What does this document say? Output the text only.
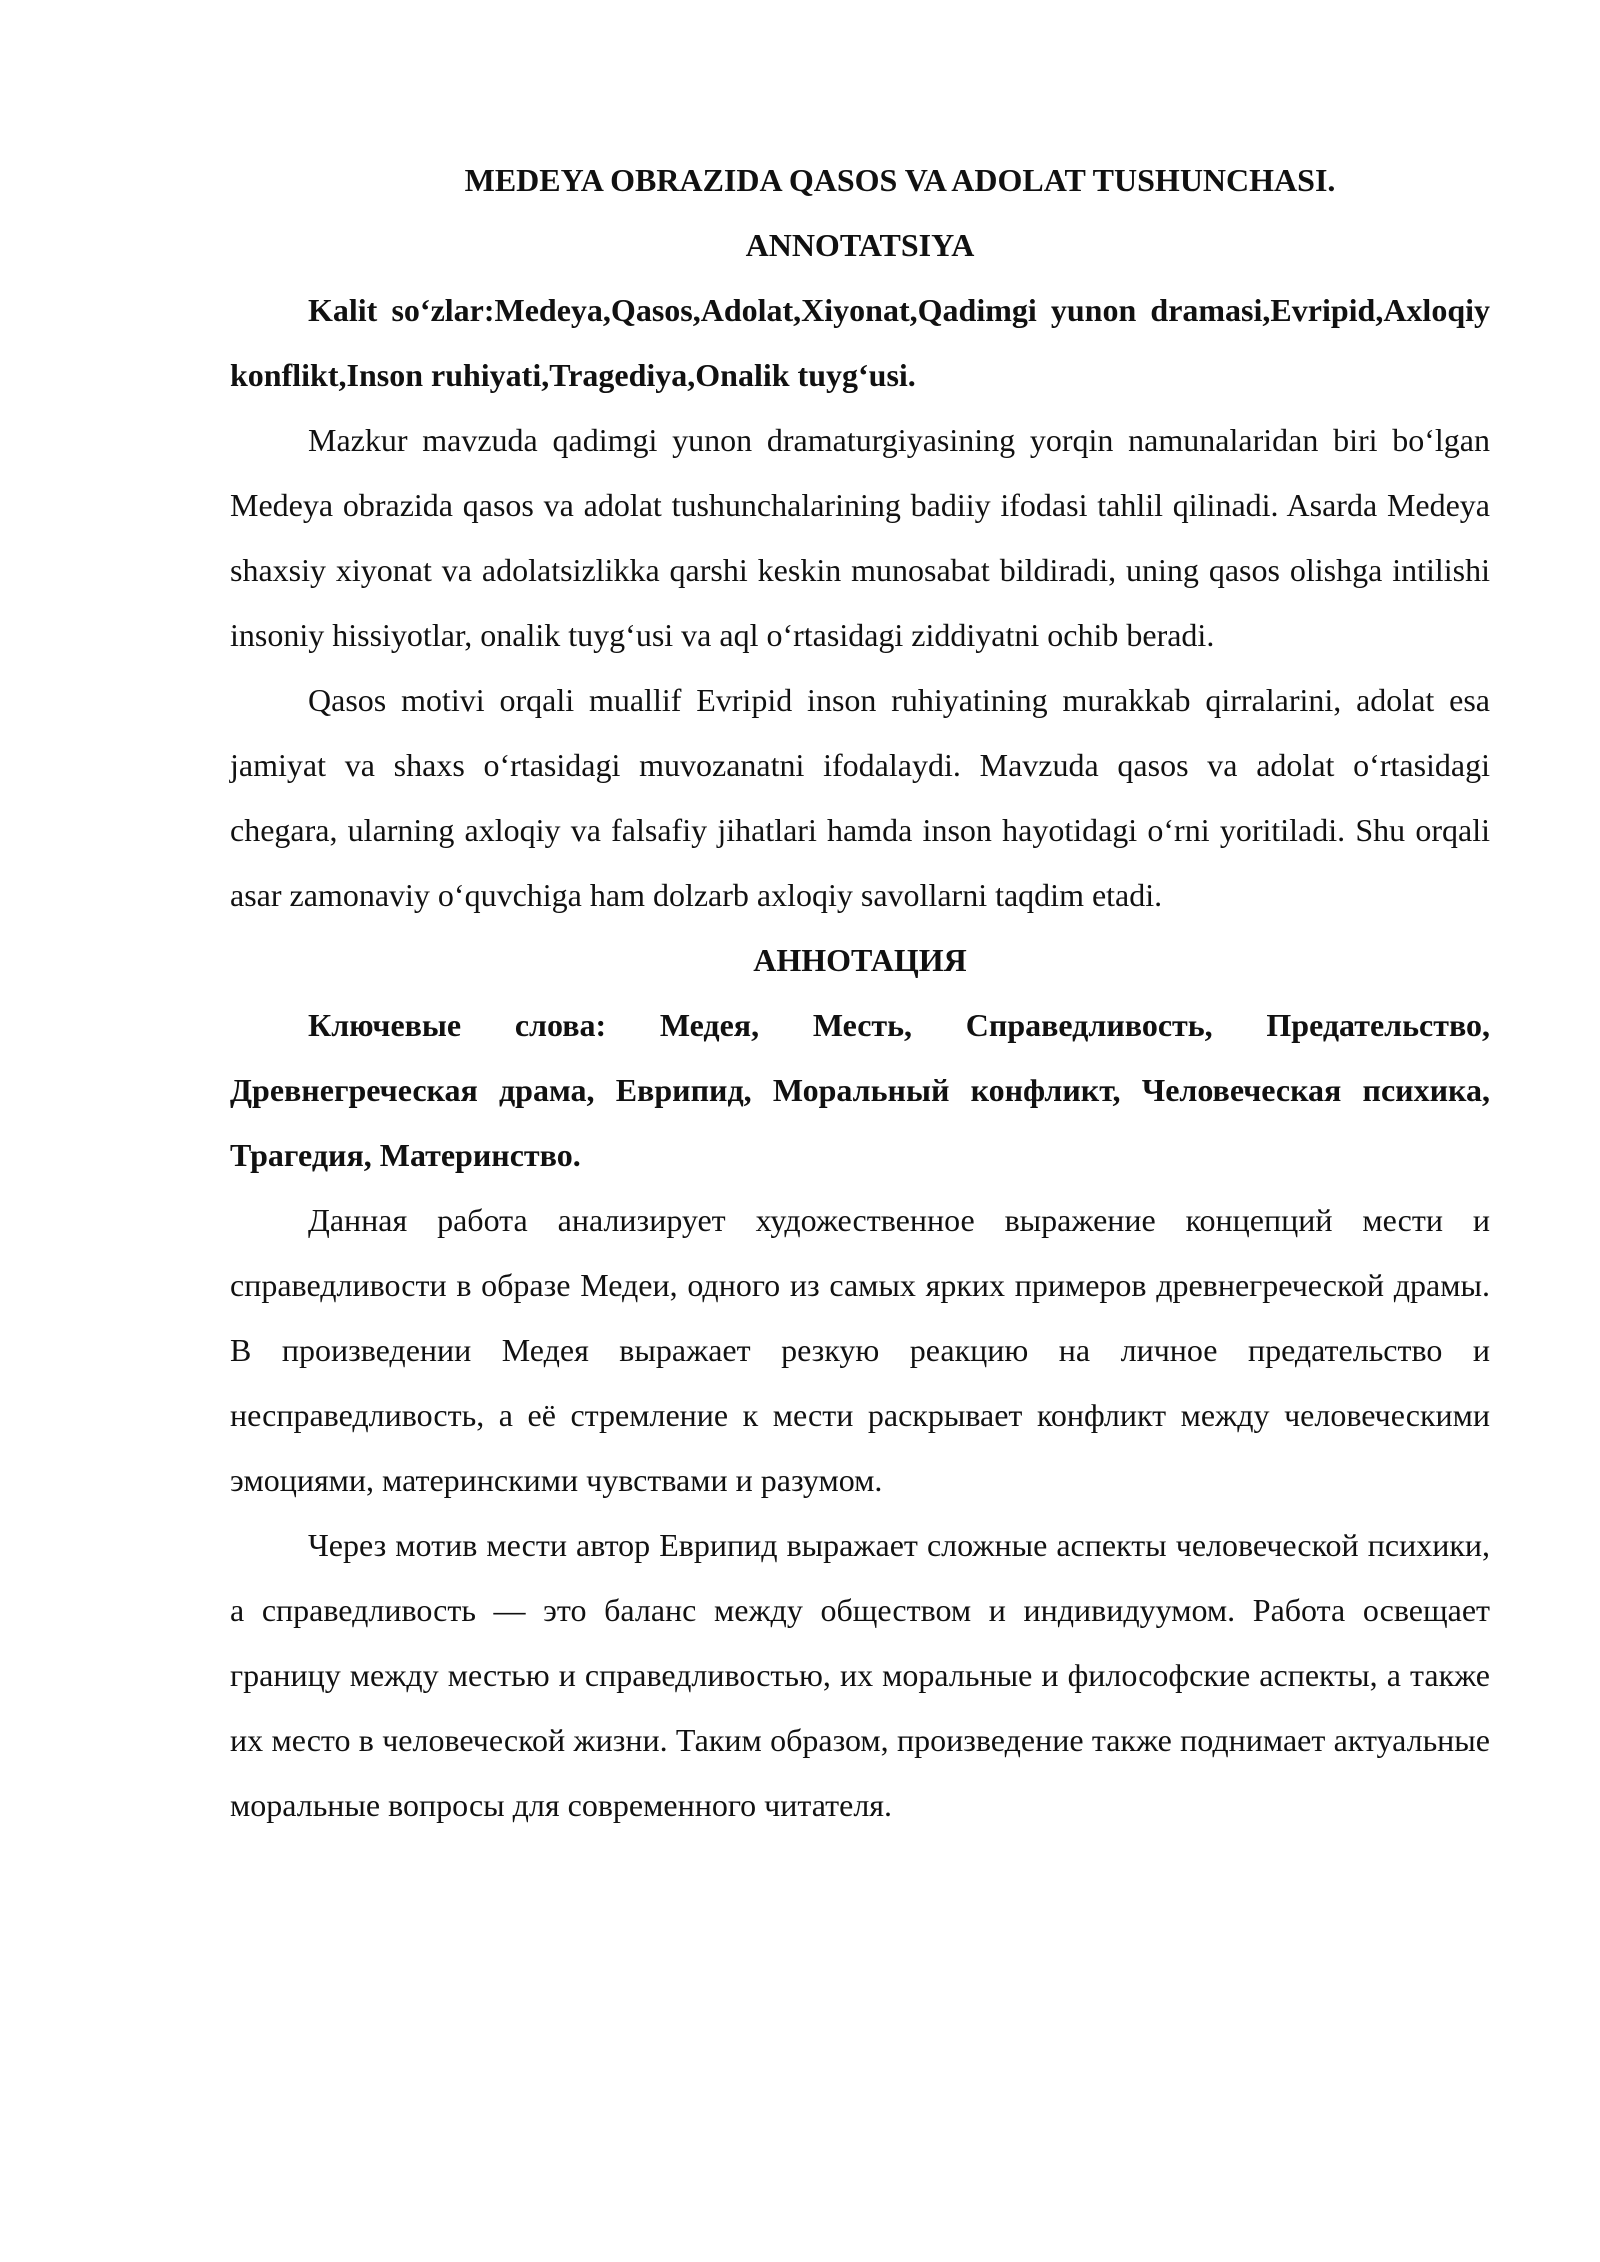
MEDEYA OBRAZIDA QASOS VA ADOLAT TUSHUNCHASI.

ANNOTATSIYA

Kalit so‘zlar:Medeya,Qasos,Adolat,Xiyonat,Qadimgi yunon dramasi,Evripid,Axloqiy konflikt,Inson ruhiyati,Tragediya,Onalik tuyg‘usi.

Mazkur mavzuda qadimgi yunon dramaturgiyasining yorqin namunalaridan biri bo‘lgan Medeya obrazida qasos va adolat tushunchalarining badiiy ifodasi tahlil qilinadi. Asarda Medeya shaxsiy xiyonat va adolatsizlikka qarshi keskin munosabat bildiradi, uning qasos olishga intilishi insoniy hissiyotlar, onalik tuyg‘usi va aql o‘rtasidagi ziddiyatni ochib beradi.

Qasos motivi orqali muallif Evripid inson ruhiyatining murakkab qirralarini, adolat esa jamiyat va shaxs o‘rtasidagi muvozanatni ifodalaydi. Mavzuda qasos va adolat o‘rtasidagi chegara, ularning axloqiy va falsafiy jihatlari hamda inson hayotidagi o‘rni yoritiladi. Shu orqali asar zamonaviy o‘quvchiga ham dolzarb axloqiy savollarni taqdim etadi.

АННОТАЦИЯ

Ключевые слова: Медея, Месть, Справедливость, Предательство, Древнегреческая драма, Еврипид, Моральный конфликт, Человеческая психика, Трагедия, Материнство.

Данная работа анализирует художественное выражение концепций мести и справедливости в образе Медеи, одного из самых ярких примеров древнегреческой драмы. В произведении Медея выражает резкую реакцию на личное предательство и несправедливость, а её стремление к мести раскрывает конфликт между человеческими эмоциями, материнскими чувствами и разумом.

Через мотив мести автор Еврипид выражает сложные аспекты человеческой психики, а справедливость — это баланс между обществом и индивидуумом. Работа освещает границу между местью и справедливостью, их моральные и философские аспекты, а также их место в человеческой жизни. Таким образом, произведение также поднимает актуальные моральные вопросы для современного читателя.
